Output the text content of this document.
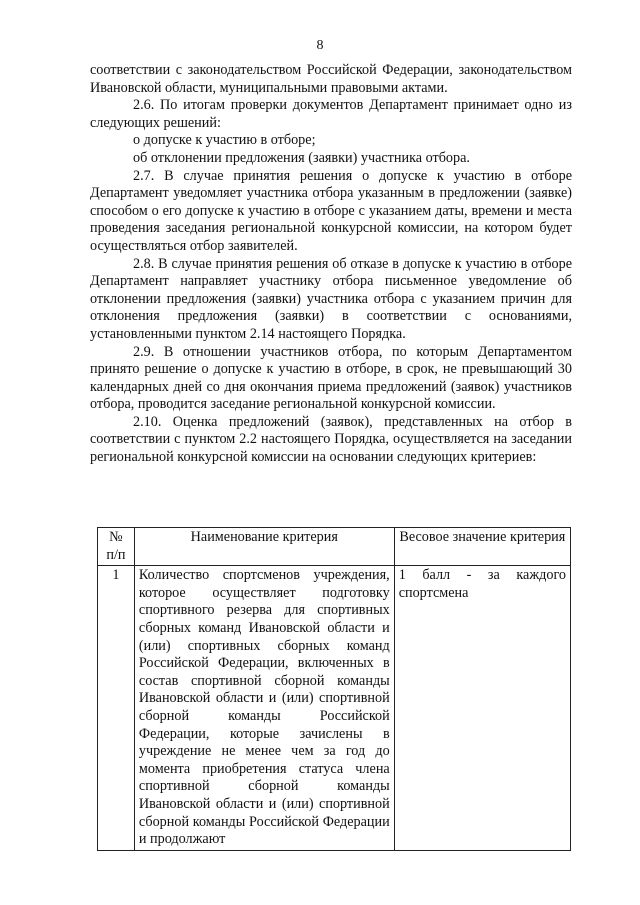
8

соответствии с законодательством Российской Федерации, законодательством Ивановской области, муниципальными правовыми актами.

2.6. По итогам проверки документов Департамент принимает одно из следующих решений:

о допуске к участию в отборе;

об отклонении предложения (заявки) участника отбора.

2.7. В случае принятия решения о допуске к участию в отборе Департамент уведомляет участника отбора указанным в предложении (заявке) способом о его допуске к участию в отборе с указанием даты, времени и места проведения заседания региональной конкурсной комиссии, на котором будет осуществляться отбор заявителей.

2.8. В случае принятия решения об отказе в допуске к участию в отборе Департамент направляет участнику отбора письменное уведомление об отклонении предложения (заявки) участника отбора с указанием причин для отклонения предложения (заявки) в соответствии с основаниями, установленными пунктом 2.14 настоящего Порядка.

2.9. В отношении участников отбора, по которым Департаментом принято решение о допуске к участию в отборе, в срок, не превышающий 30 календарных дней со дня окончания приема предложений (заявок) участников отбора, проводится заседание региональной конкурсной комиссии.

2.10. Оценка предложений (заявок), представленных на отбор в соответствии с пунктом 2.2 настоящего Порядка, осуществляется на заседании региональной конкурсной комиссии на основании следующих критериев:

№ п/п	Наименование критерия	Весовое значение критерия
1	Количество спортсменов учреждения, которое осуществляет подготовку спортивного резерва для спортивных сборных команд Ивановской области и (или) спортивных сборных команд Российской Федерации, включенных в состав спортивной сборной команды Ивановской области и (или) спортивной сборной команды Российской Федерации, которые зачислены в учреждение не менее чем за год до момента приобретения статуса члена спортивной сборной команды Ивановской области и (или) спортивной сборной команды Российской Федерации и продолжают	1 балл - за каждого спортсмена
